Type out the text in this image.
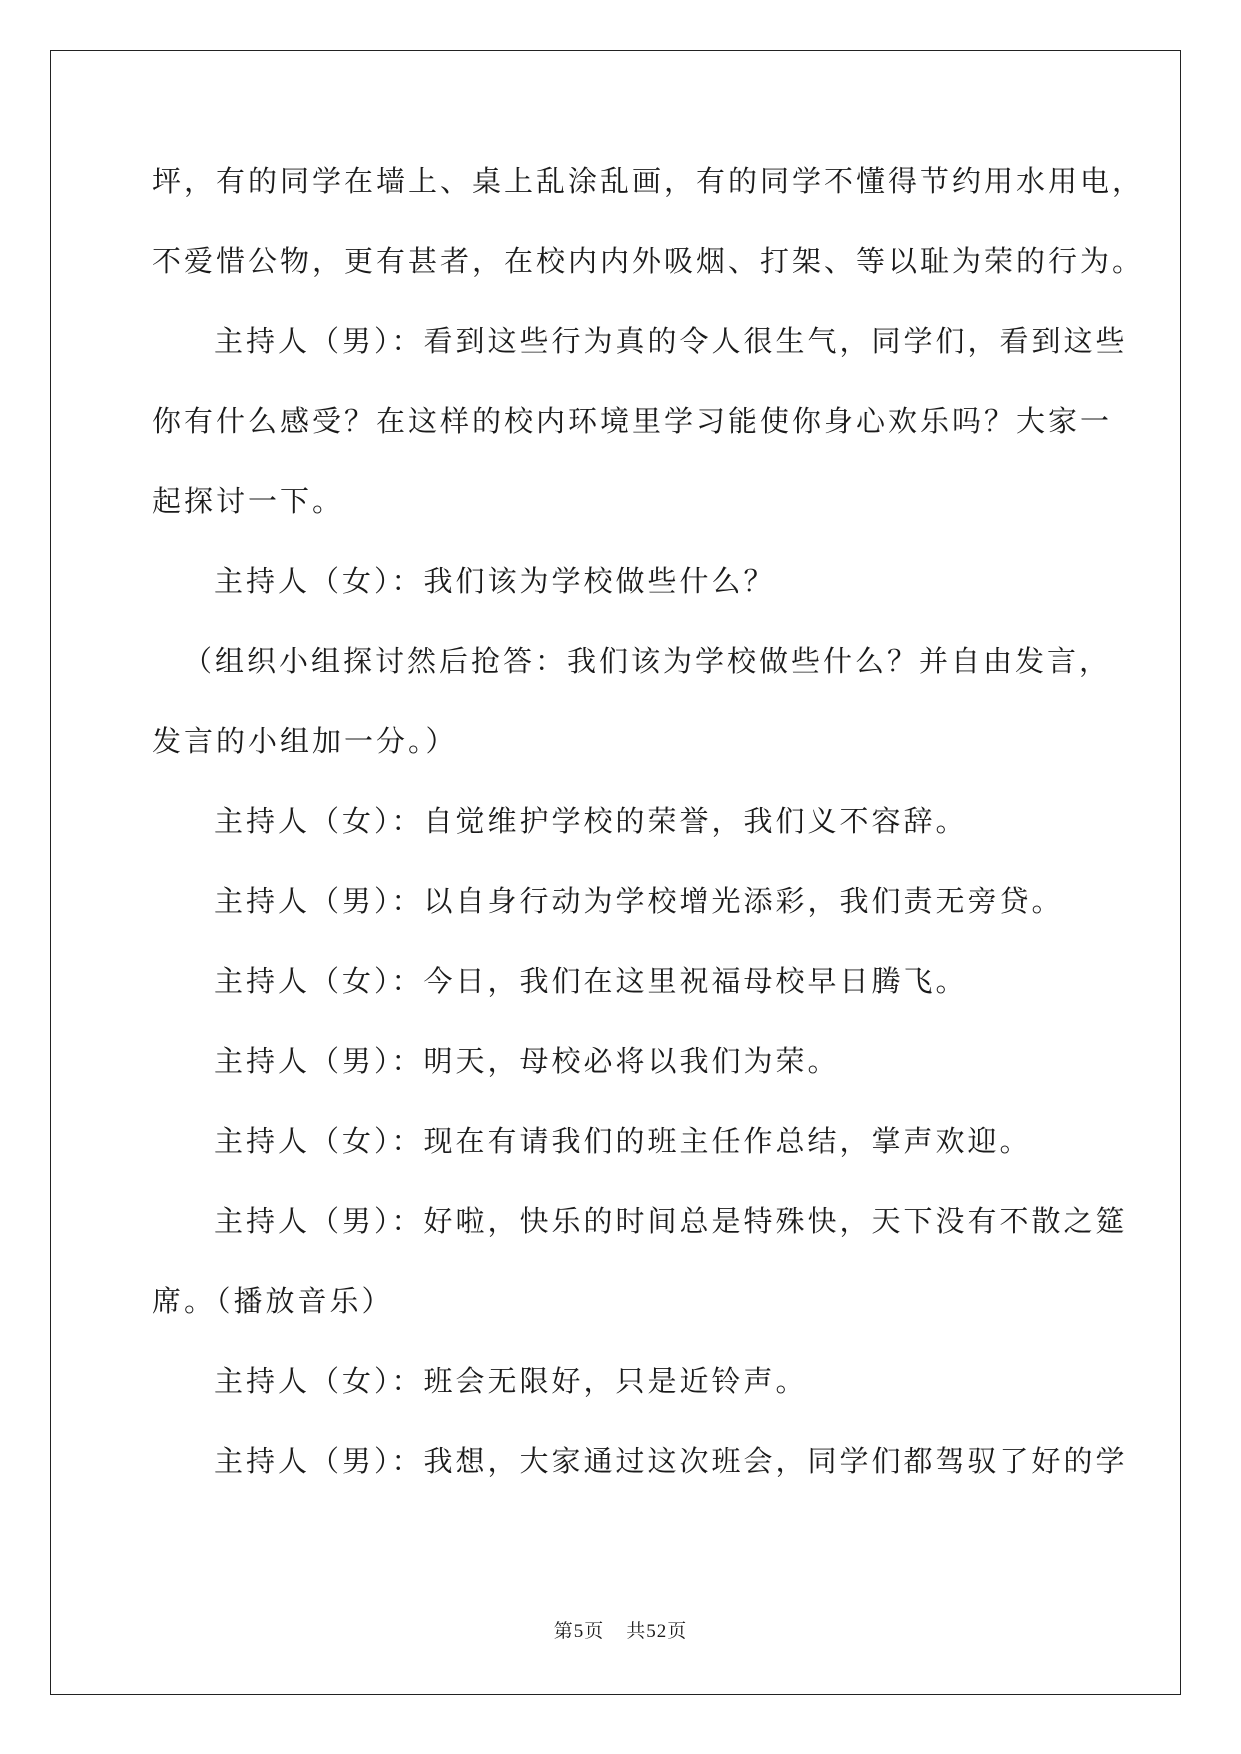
坪，有的同学在墙上、桌上乱涂乱画，有的同学不懂得节约用水用电，
不爱惜公物，更有甚者，在校内内外吸烟、打架、等以耻为荣的行为。
主持人（男）：看到这些行为真的令人很生气，同学们，看到这些
你有什么感受？在这样的校内环境里学习能使你身心欢乐吗？大家一
起探讨一下。
主持人（女）：我们该为学校做些什么？
（组织小组探讨然后抢答：我们该为学校做些什么？并自由发言，
发言的小组加一分。）
主持人（女）：自觉维护学校的荣誉，我们义不容辞。
主持人（男）：以自身行动为学校增光添彩，我们责无旁贷。
主持人（女）：今日，我们在这里祝福母校早日腾飞。
主持人（男）：明天，母校必将以我们为荣。
主持人（女）：现在有请我们的班主任作总结，掌声欢迎。
主持人（男）：好啦，快乐的时间总是特殊快，天下没有不散之筵
席。（播放音乐）
主持人（女）：班会无限好，只是近铃声。
主持人（男）：我想，大家通过这次班会，同学们都驾驭了好的学
第5页 共52页
